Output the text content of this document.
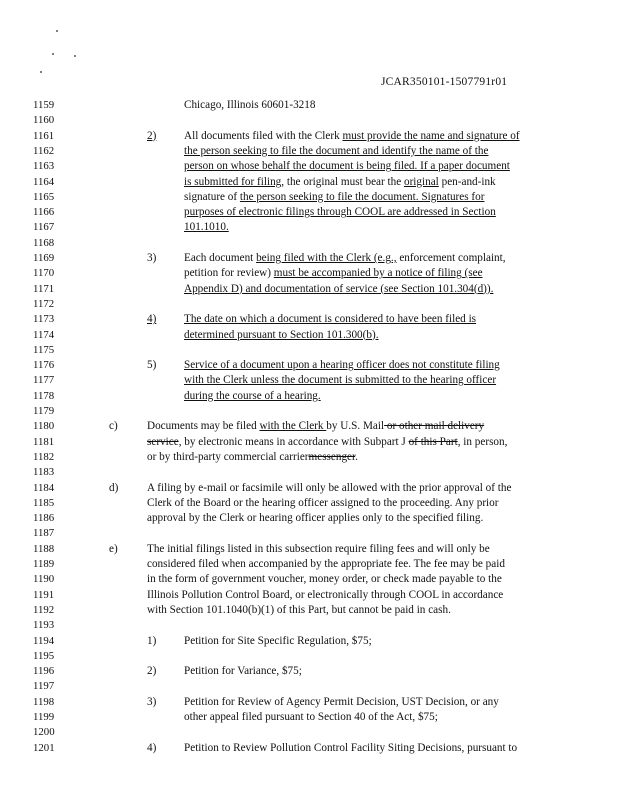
JCAR350101-1507791r01
1159	Chicago, Illinois 60601-3218
1160
1161	2) All documents filed with the Clerk must provide the name and signature of
1162	the person seeking to file the document and identify the name of the
1163	person on whose behalf the document is being filed. If a paper document
1164	is submitted for filing, the original must bear the original pen-and-ink
1165	signature of the person seeking to file the document. Signatures for
1166	purposes of electronic filings through COOL are addressed in Section
1167	101.1010.
1168
1169	3) Each document being filed with the Clerk (e.g., enforcement complaint,
1170	petition for review) must be accompanied by a notice of filing (see
1171	Appendix D) and documentation of service (see Section 101.304(d)).
1172
1173	4) The date on which a document is considered to have been filed is
1174	determined pursuant to Section 101.300(b).
1175
1176	5) Service of a document upon a hearing officer does not constitute filing
1177	with the Clerk unless the document is submitted to the hearing officer
1178	during the course of a hearing.
1179
1180	c)	Documents may be filed with the Clerk by U.S. Mail or other mail delivery
1181	service, by electronic means in accordance with Subpart J of this Part, in person,
1182	or by third-party commercial carriermessenger.
1183
1184	d)	A filing by e-mail or facsimile will only be allowed with the prior approval of the
1185	Clerk of the Board or the hearing officer assigned to the proceeding. Any prior
1186	approval by the Clerk or hearing officer applies only to the specified filing.
1187
1188	e)	The initial filings listed in this subsection require filing fees and will only be
1189	considered filed when accompanied by the appropriate fee. The fee may be paid
1190	in the form of government voucher, money order, or check made payable to the
1191	Illinois Pollution Control Board, or electronically through COOL in accordance
1192	with Section 101.1040(b)(1) of this Part, but cannot be paid in cash.
1193
1194	1) Petition for Site Specific Regulation, $75;
1195
1196	2) Petition for Variance, $75;
1197
1198	3) Petition for Review of Agency Permit Decision, UST Decision, or any
1199	other appeal filed pursuant to Section 40 of the Act, $75;
1200
1201	4) Petition to Review Pollution Control Facility Siting Decisions, pursuant to
